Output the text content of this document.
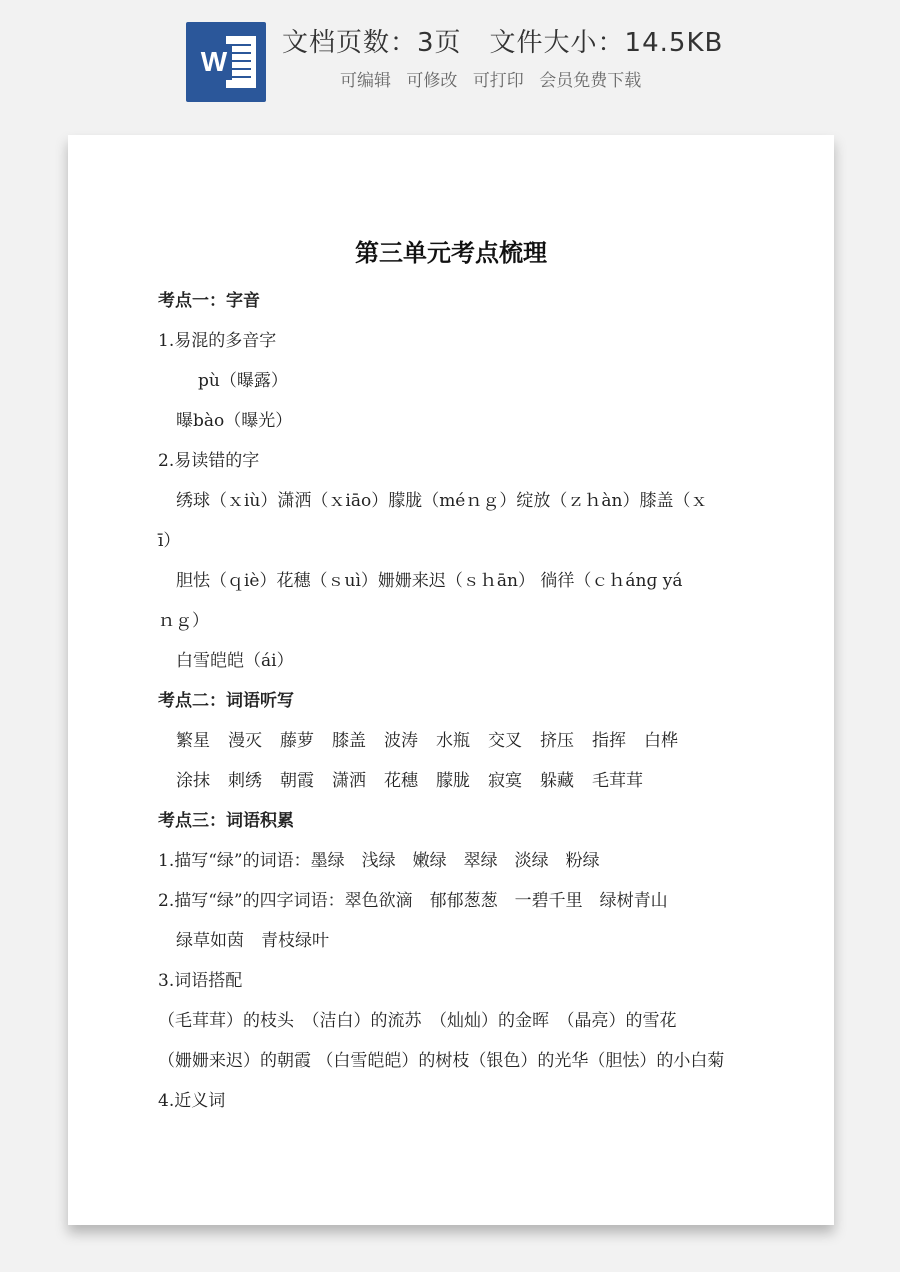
W
文档页数：3页 文件大小：14.5KB
可编辑 可修改 可打印 会员免费下载
第三单元考点梳理
考点一：字音
1.易混的多音字
pù（曝露）
曝bào（曝光）
2.易读错的字
绣球（ｘiù）潇洒（ｘiāo）朦胧（méｎｇ）绽放（ｚｈàn）膝盖（ｘ
ī）
胆怯（ｑiè）花穗（ｓuì）姗姗来迟（ｓｈān） 徜徉（ｃｈánɡ yá
ｎｇ）
白雪皑皑（ái）
考点二：词语听写
繁星 漫灭 藤萝 膝盖 波涛 水瓶 交叉 挤压 指挥 白桦
涂抹 刺绣 朝霞 潇洒 花穗 朦胧 寂寞 躲藏 毛茸茸
考点三：词语积累
1.描写“绿”的词语：墨绿　浅绿　嫩绿　翠绿　淡绿　粉绿
2.描写“绿”的四字词语：翠色欲滴　郁郁葱葱　一碧千里　绿树青山
绿草如茵　青枝绿叶
3.词语搭配
（毛茸茸）的枝头　（洁白）的流苏　（灿灿）的金晖　（晶亮）的雪花
（姗姗来迟）的朝霞 （白雪皑皑）的树枝（银色）的光华（胆怯）的小白菊
4.近义词
